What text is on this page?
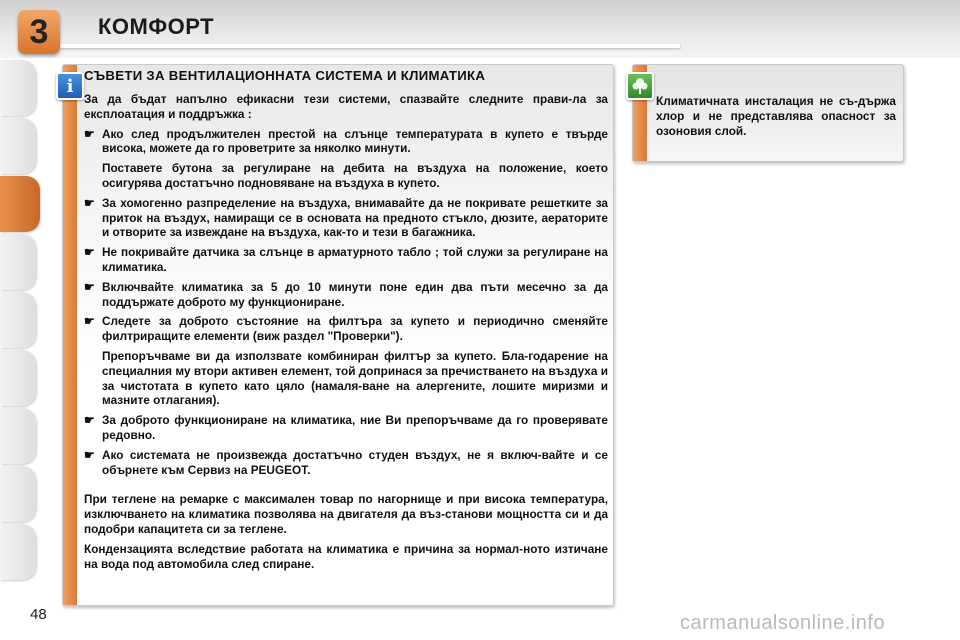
3 КОМФОРТ
i СЪВЕТИ ЗА ВЕНТИЛАЦИОННАТА СИСТЕМА И КЛИМАТИКА

За да бъдат напълно ефикасни тези системи, спазвайте следните прави-ла за експлоатация и поддръжка :

☛ Ако след продължителен престой на слънце температурата в купето е твърде висока, можете да го проветрите за няколко минути.
Поставете бутона за регулиране на дебита на въздуха на положение, което осигурява достатъчно подновяване на въздуха в купето.
☛ За хомогенно разпределение на въздуха, внимавайте да не покривате решетките за приток на въздух, намиращи се в основата на предното стъкло, дюзите, аераторите и отворите за извеждане на въздуха, как-то и тези в багажника.
☛ Не покривайте датчика за слънце в арматурното табло ; той служи за регулиране на климатика.
☛ Включвайте климатика за 5 до 10 минути поне един два пъти месечно за да поддържате доброто му функциониране.
☛ Следете за доброто състояние на филтъра за купето и периодично сменяйте филтриращите елементи (виж раздел "Проверки").
Препоръчваме ви да използвате комбиниран филтър за купето. Бла-годарение на специалния му втори активен елемент, той допринася за пречистването на въздуха и за чистотата в купето като цяло (намаля-ване на алергените, лошите миризми и мазните отлагания).
☛ За доброто функциониране на климатика, ние Ви препоръчваме да го проверявате редовно.
☛ Ако системата не произвежда достатъчно студен въздух, не я включ-вайте и се обърнете към Сервиз на PEUGEOT.

При теглене на ремарке с максимален товар по нагорнище и при висока температура, изключването на климатика позволява на двигателя да въз-станови мощността си и да подобри капацитета си за теглене.

Кондензацията вследствие работата на климатика е причина за нормал-ното изтичане на вода под автомобила след спиране.

Климатичната инсталация не съ-държа хлор и не представлява опасност за озоновия слой.
48	carmanualsonline.info
